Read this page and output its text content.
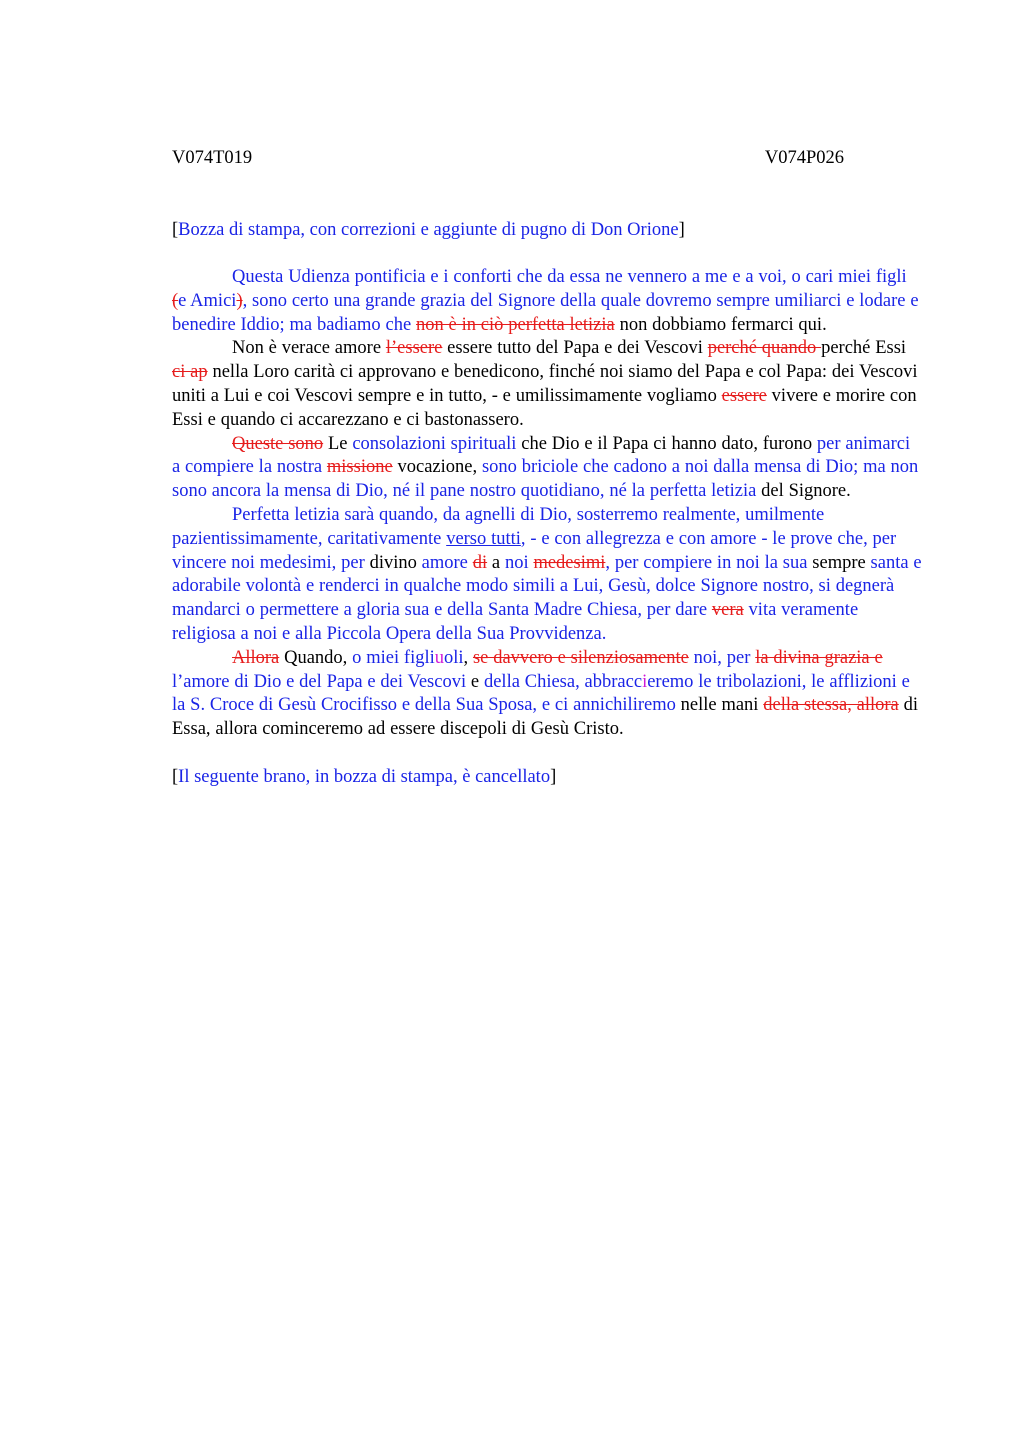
V074T019	V074P026
[Bozza di stampa, con correzioni e aggiunte di pugno di Don Orione]

Questa Udienza pontificia e i conforti che da essa ne vennero a me e a voi, o cari miei figli (e Amici), sono certo una grande grazia del Signore della quale dovremo sempre umiliarci e lodare e benedire Iddio; ma badiamo che non è in ciò perfetta letizia non dobbiamo fermarci qui.

Non è verace amore l’essere essere tutto del Papa e dei Vescovi perché quando perché Essi ci ap nella Loro carità ci approvano e benedicono, finché noi siamo del Papa e col Papa: dei Vescovi uniti a Lui e coi Vescovi sempre e in tutto, - e umilissimamente vogliamo essere vivere e morire con Essi e quando ci accarezzano e ci bastonassero.

Queste sono Le consolazioni spirituali che Dio e il Papa ci hanno dato, furono per animarci a compiere la nostra missione vocazione, sono briciole che cadono a noi dalla mensa di Dio; ma non sono ancora la mensa di Dio, né il pane nostro quotidiano, né la perfetta letizia del Signore.

Perfetta letizia sarà quando, da agnelli di Dio, sosterremo realmente, umilmente pazientissimamente, caritativamente verso tutti, - e con allegrezza e con amore - le prove che, per vincere noi medesimi, per divino amore di a noi medesimi, per compiere in noi la sua sempre santa e adorabile volontà e renderci in qualche modo simili a Lui, Gesù, dolce Signore nostro, si degnerà mandarci o permettere a gloria sua e della Santa Madre Chiesa, per dare vera vita veramente religiosa a noi e alla Piccola Opera della Sua Provvidenza.

Allora Quando, o miei figliuoli, se davvero e silenziosamente noi, per la divina grazia e l’amore di Dio e del Papa e dei Vescovi e della Chiesa, abbraccieremo le tribolazioni, le afflizioni e la S. Croce di Gesù Crocifisso e della Sua Sposa, e ci annichiliremo nelle mani della stessa, allora di Essa, allora cominceremo ad essere discepoli di Gesù Cristo.

[Il seguente brano, in bozza di stampa, è cancellato]
